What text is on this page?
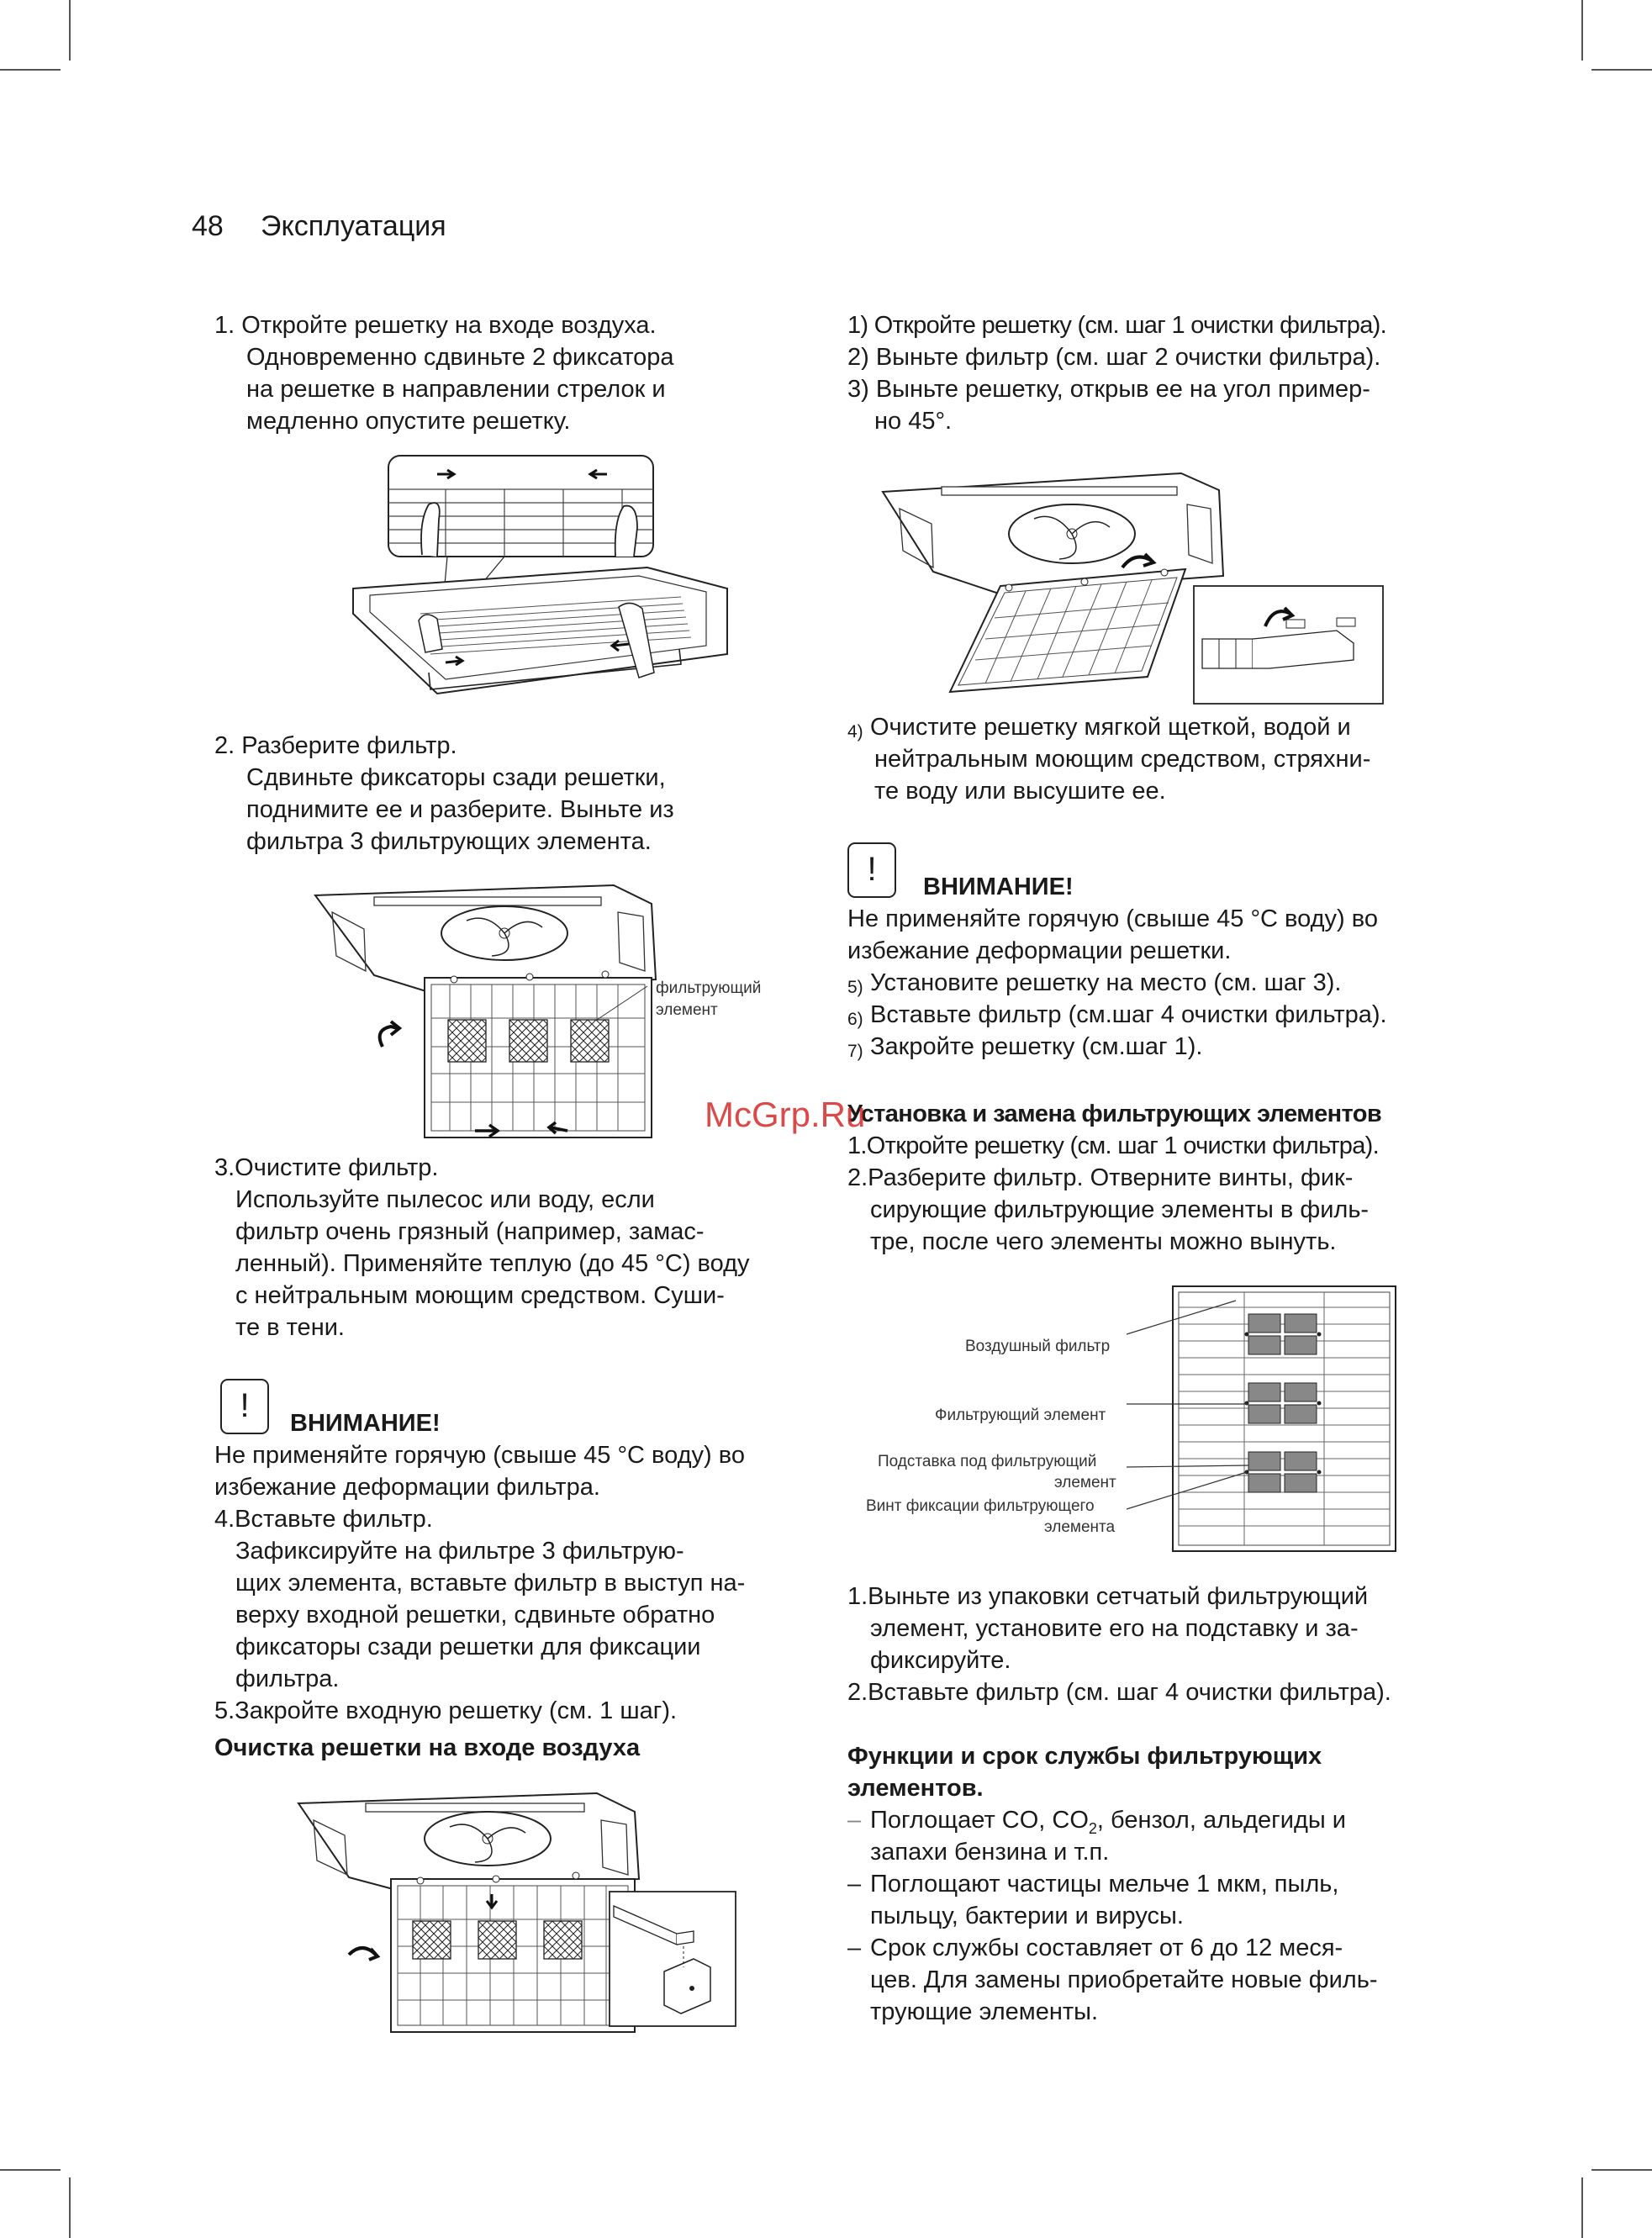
48 Эксплуатация
1. Откройте решетку на входе воздуха.
Одновременно сдвиньте 2 фиксатора
на решетке в направлении стрелок и
медленно опустите решетку.
2. Разберите фильтр.
Сдвиньте фиксаторы сзади решетки,
поднимите ее и разберите. Выньте из
фильтра 3 фильтрующих элемента.
фильтрующий
элемент
3.Очистите фильтр.
Используйте пылесос или воду, если
фильтр очень грязный (например, замас-
ленный). Применяйте теплую (до 45 °С) воду
с нейтральным моющим средством. Суши-
те в тени.
!	ВНИМАНИЕ!
Не применяйте горячую (свыше 45 °С воду) во
избежание деформации фильтра.
4.Вставьте фильтр.
Зафиксируйте на фильтре 3 фильтрую-
щих элемента, вставьте фильтр в выступ на-
верху входной решетки, сдвиньте обратно
фиксаторы сзади решетки для фиксации
фильтра.
5.Закройте входную решетку (см. 1 шаг).
Очистка решетки на входе воздуха
1) Откройте решетку (см. шаг 1 очистки фильтра).
2) Выньте фильтр (см. шаг 2 очистки фильтра).
3) Выньте решетку, открыв ее на угол пример-
но 45°.
4) Очистите решетку мягкой щеткой, водой и
нейтральным моющим средством, стряхни-
те воду или высушите ее.
!	ВНИМАНИЕ!
Не применяйте горячую (свыше 45 °С воду) во
избежание деформации решетки.
5) Установите решетку на место (см. шаг 3).
6) Вставьте фильтр (см.шаг 4 очистки фильтра).
7) Закройте решетку (см.шаг 1).
Установка и замена фильтрующих элементов
McGrp.Ru
1.Откройте решетку (см. шаг 1 очистки фильтра).
2.Разберите фильтр. Отверните винты, фик-
сирующие фильтрующие элементы в филь-
тре, после чего элементы можно вынуть.
Воздушный фильтр
Фильтрующий элемент
Подставка под фильтрующий
элемент
Винт фиксации фильтрующего
элемента
1.Выньте из упаковки сетчатый фильтрующий
элемент, установите его на подставку и за-
фиксируйте.
2.Вставьте фильтр (см. шаг 4 очистки фильтра).
Функции и срок службы фильтрующих
элементов.
– Поглощает CO, $CO_2$, бензол, альдегиды и
запахи бензина и т.п.
– Поглощают частицы мельче 1 мкм, пыль,
пыльцу, бактерии и вирусы.
– Срок службы составляет от 6 до 12 меся-
цев. Для замены приобретайте новые филь-
трующие элементы.
